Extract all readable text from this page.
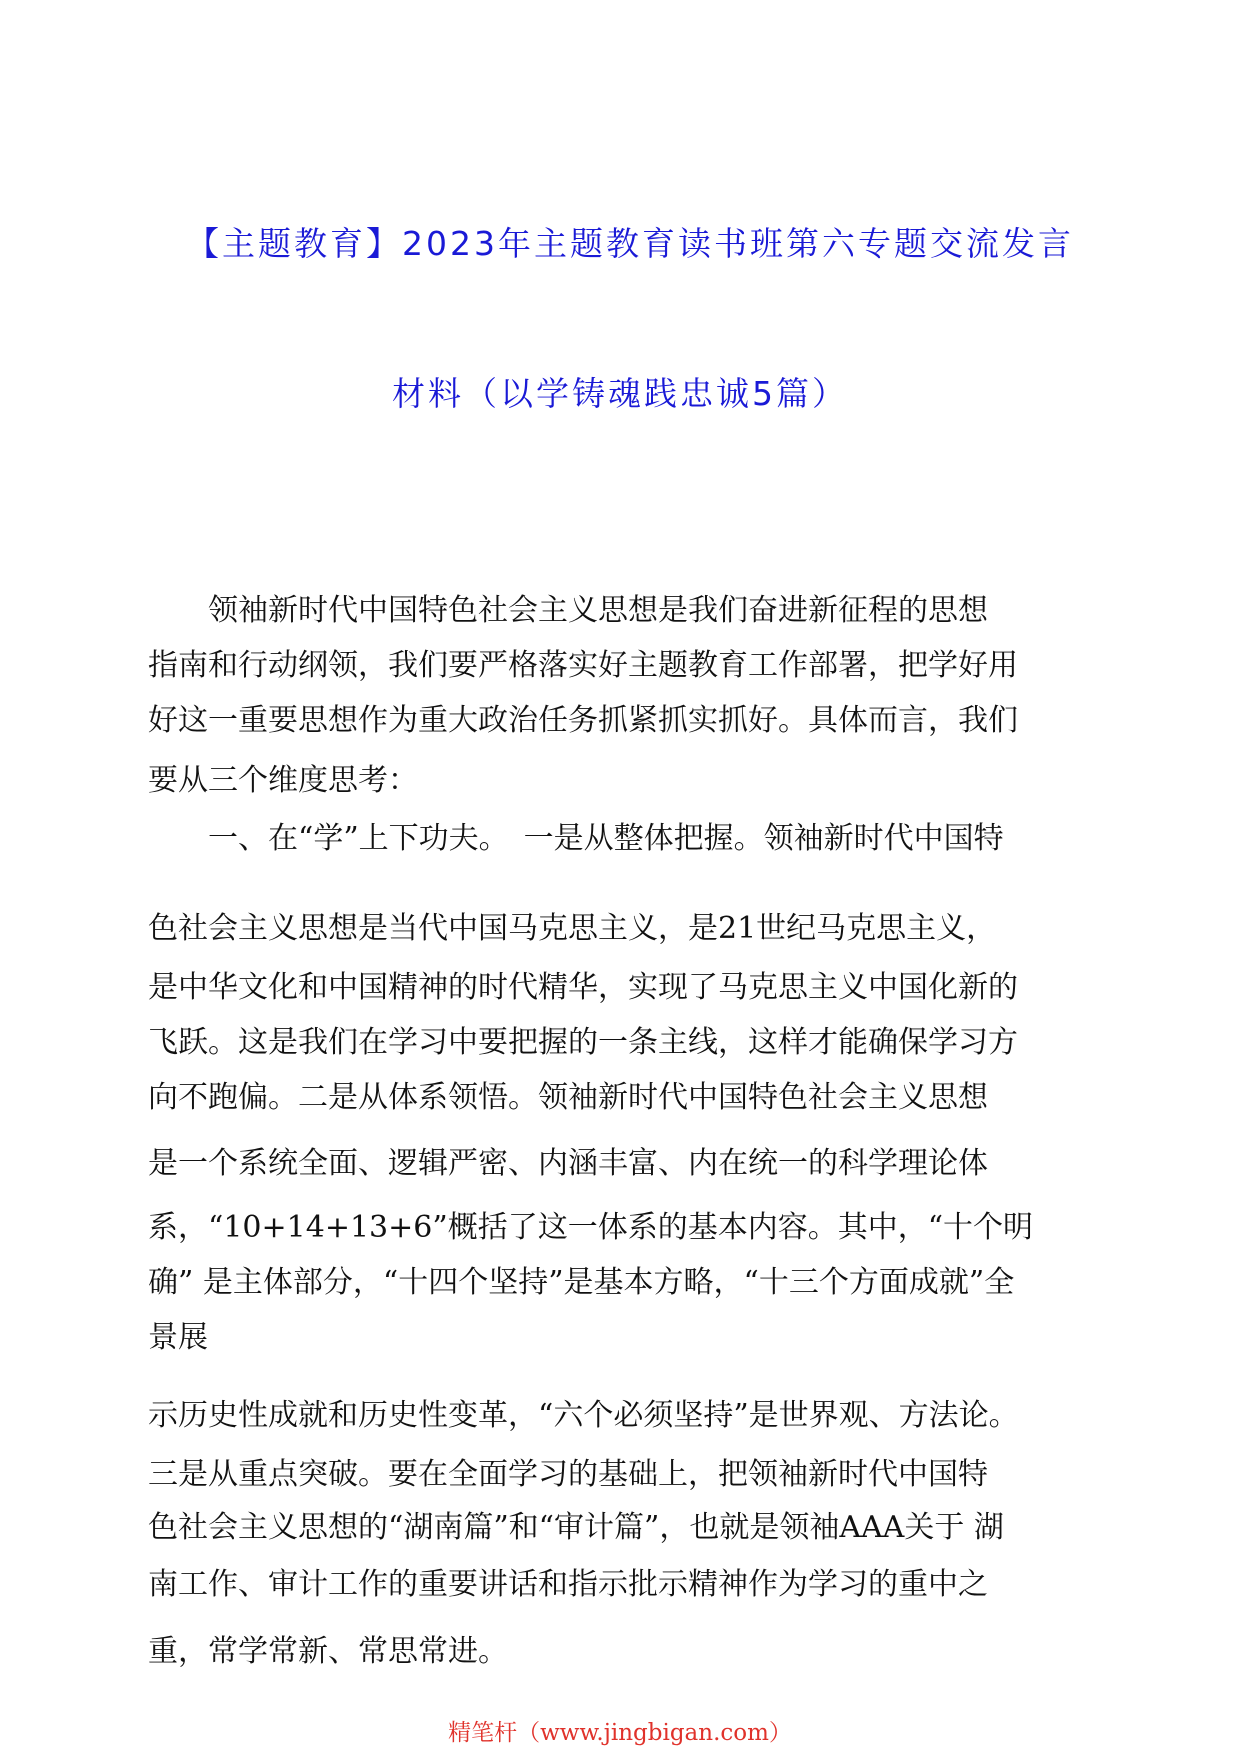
【主题教育】2023年主题教育读书班第六专题交流发言
材料（以学铸魂践忠诚5篇）

　　领袖新时代中国特色社会主义思想是我们奋进新征程的思想

指南和行动纲领，我们要严格落实好主题教育工作部署，把学好用

好这一重要思想作为重大政治任务抓紧抓实抓好。具体而言，我们

要从三个维度思考：

　　一、在“学”上下功夫。　一是从整体把握。领袖新时代中国特

色社会主义思想是当代中国马克思主义，是21世纪马克思主义，

是中华文化和中国精神的时代精华，实现了马克思主义中国化新的

飞跃。这是我们在学习中要把握的一条主线，这样才能确保学习方

向不跑偏。二是从体系领悟。领袖新时代中国特色社会主义思想

是一个系统全面、逻辑严密、内涵丰富、内在统一的科学理论体

系，“10+14+13+6”概括了这一体系的基本内容。其中，“十个明

确” 是主体部分，“十四个坚持”是基本方略，“十三个方面成就”全

景展

示历史性成就和历史性变革，“六个必须坚持”是世界观、方法论。

三是从重点突破。要在全面学习的基础上，把领袖新时代中国特

色社会主义思想的“湖南篇”和“审计篇”，也就是领袖AAA关于 湖

南工作、审计工作的重要讲话和指示批示精神作为学习的重中之

重，常学常新、常思常进。

精笔杆（www.jingbigan.com）
